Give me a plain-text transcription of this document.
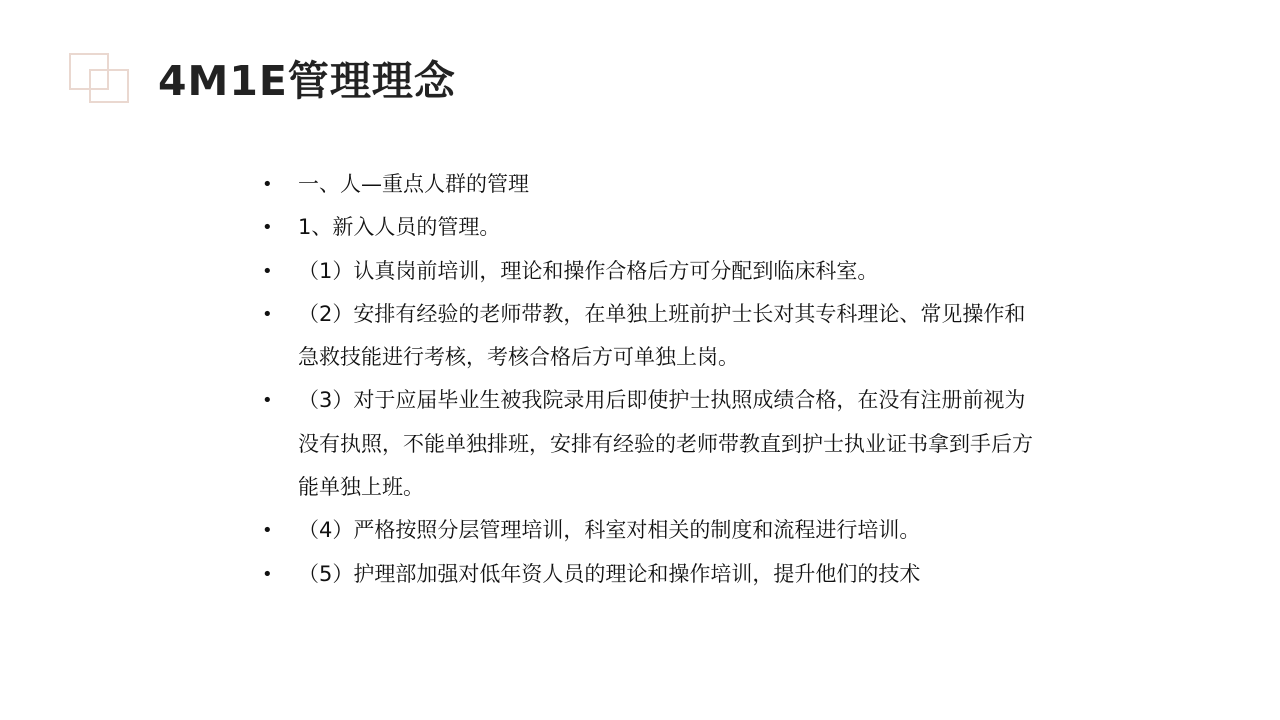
4M1E管理理念
• 一、人—重点人群的管理
• 1、新入人员的管理。
• （1）认真岗前培训，理论和操作合格后方可分配到临床科室。
• （2）安排有经验的老师带教，在单独上班前护士长对其专科理论、常见操作和急救技能进行考核，考核合格后方可单独上岗。
• （3）对于应届毕业生被我院录用后即使护士执照成绩合格，在没有注册前视为没有执照，不能单独排班，安排有经验的老师带教直到护士执业证书拿到手后方能单独上班。
• （4）严格按照分层管理培训，科室对相关的制度和流程进行培训。
• （5）护理部加强对低年资人员的理论和操作培训，提升他们的技术
